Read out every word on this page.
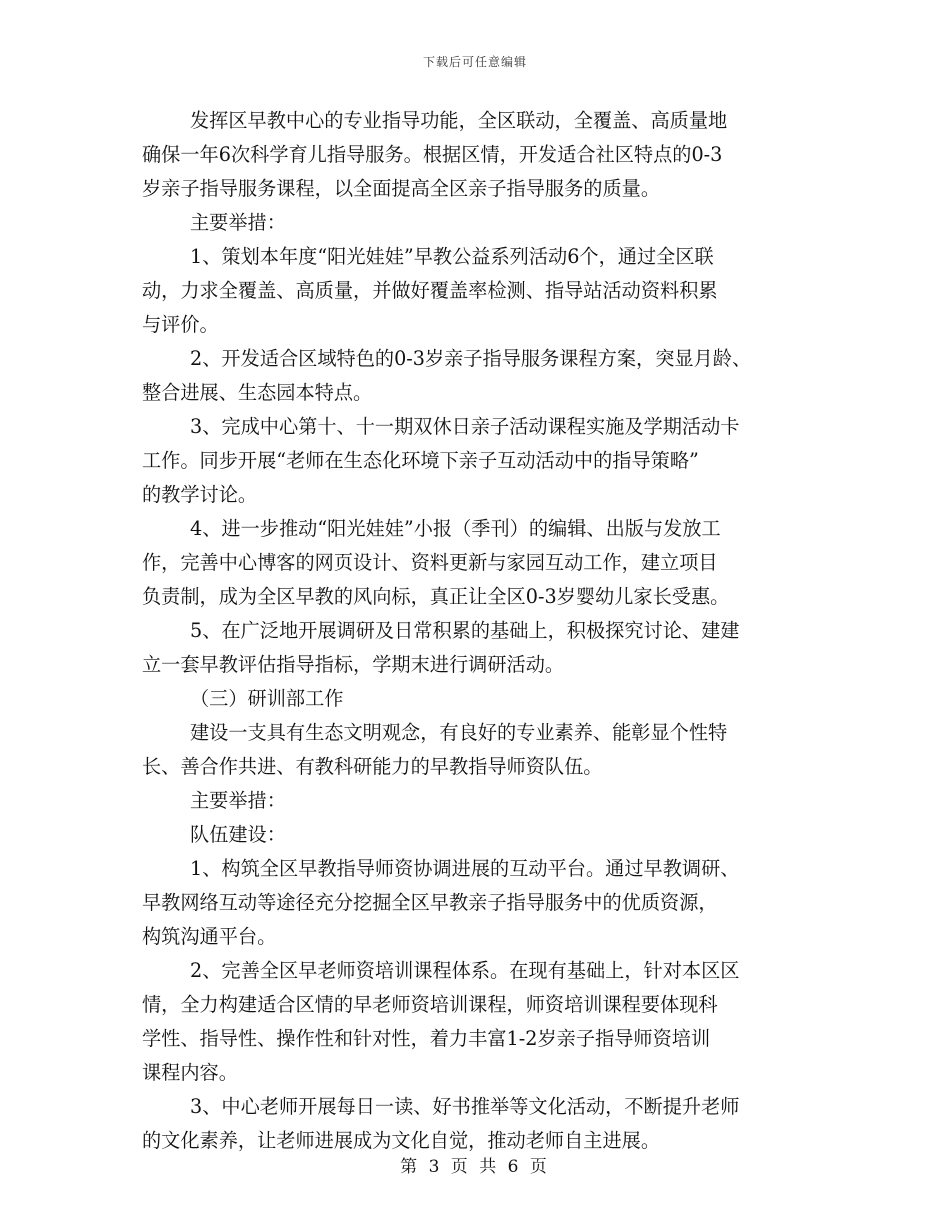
下载后可任意编辑
发挥区早教中心的专业指导功能，全区联动，全覆盖、高质量地
确保一年6次科学育儿指导服务。根据区情，开发适合社区特点的0-3
岁亲子指导服务课程，以全面提高全区亲子指导服务的质量。
主要举措：
1、策划本年度“阳光娃娃”早教公益系列活动6个，通过全区联
动，力求全覆盖、高质量，并做好覆盖率检测、指导站活动资料积累
与评价。
2、开发适合区域特色的0-3岁亲子指导服务课程方案，突显月龄、
整合进展、生态园本特点。
3、完成中心第十、十一期双休日亲子活动课程实施及学期活动卡
工作。同步开展“老师在生态化环境下亲子互动活动中的指导策略”
的教学讨论。
4、进一步推动“阳光娃娃”小报（季刊）的编辑、出版与发放工
作，完善中心博客的网页设计、资料更新与家园互动工作，建立项目
负责制，成为全区早教的风向标，真正让全区0-3岁婴幼儿家长受惠。
5、在广泛地开展调研及日常积累的基础上，积极探究讨论、建建
立一套早教评估指导指标，学期末进行调研活动。
（三）研训部工作
建设一支具有生态文明观念，有良好的专业素养、能彰显个性特
长、善合作共进、有教科研能力的早教指导师资队伍。
主要举措：
队伍建设：
1、构筑全区早教指导师资协调进展的互动平台。通过早教调研、
早教网络互动等途径充分挖掘全区早教亲子指导服务中的优质资源，
构筑沟通平台。
2、完善全区早老师资培训课程体系。在现有基础上，针对本区区
情，全力构建适合区情的早老师资培训课程，师资培训课程要体现科
学性、指导性、操作性和针对性，着力丰富1-2岁亲子指导师资培训
课程内容。
3、中心老师开展每日一读、好书推举等文化活动，不断提升老师
的文化素养，让老师进展成为文化自觉，推动老师自主进展。
第 3 页 共 6 页
